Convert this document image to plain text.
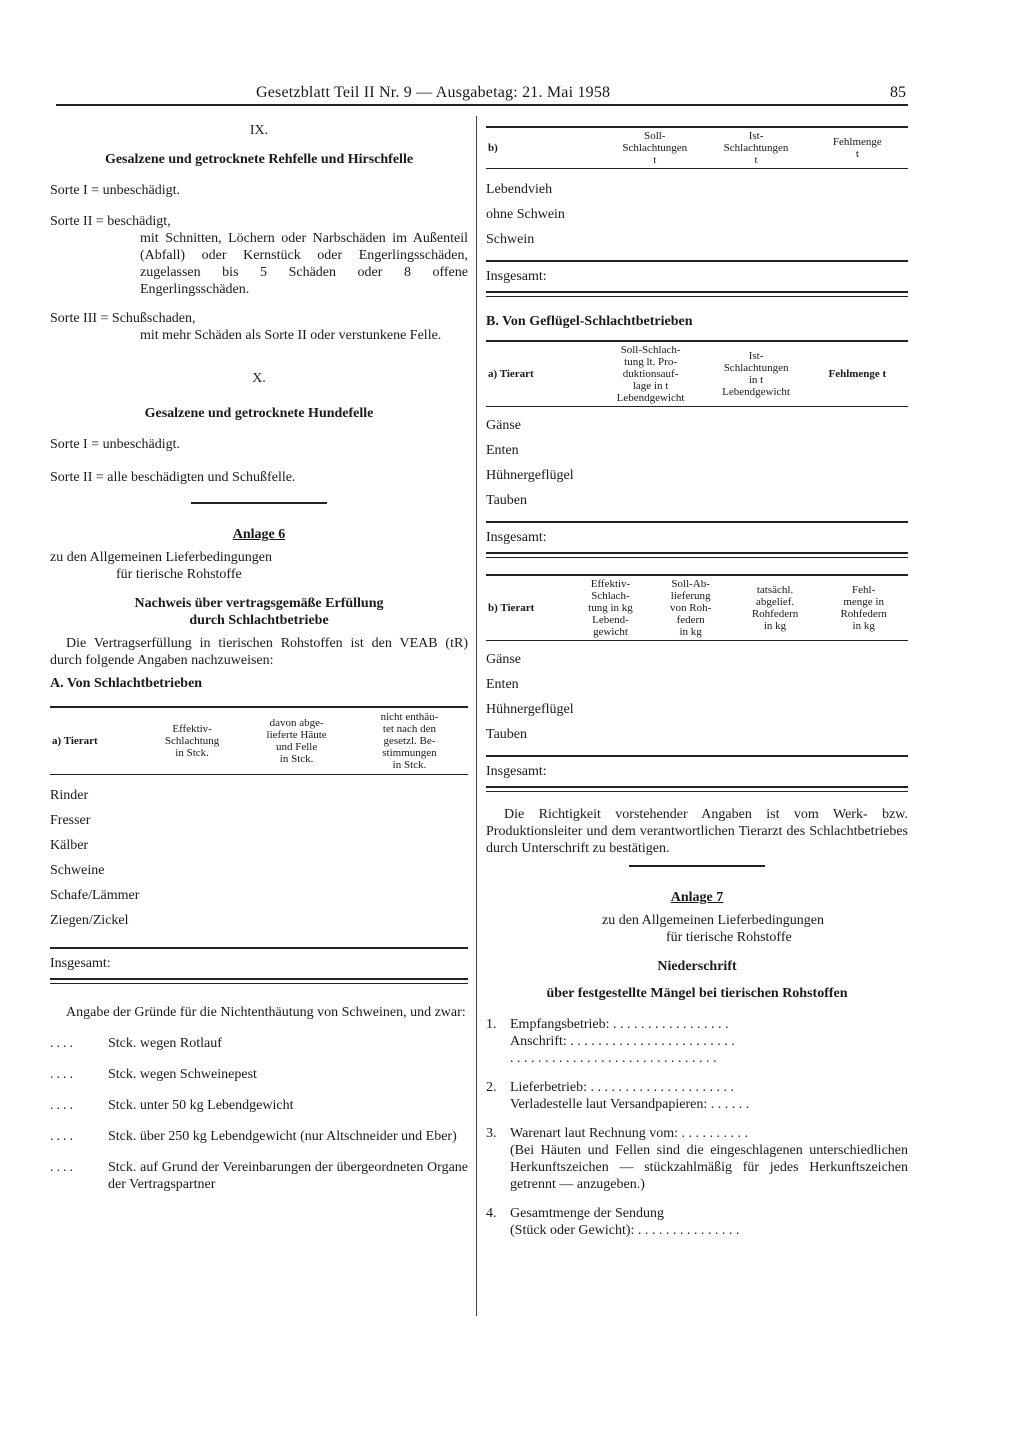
Gesetzblatt Teil II Nr. 9 — Ausgabetag: 21. Mai 1958	85
IX.
Gesalzene und getrocknete Rehfelle und Hirschfelle
Sorte I = unbeschädigt.
Sorte II = beschädigt,
mit Schnitten, Löchern oder Narbschäden im Außenteil (Abfall) oder Kernstück oder Engerlingsschäden, zugelassen bis 5 Schäden oder 8 offene Engerlingsschäden.
Sorte III = Schußschaden,
mit mehr Schäden als Sorte II oder verstunkene Felle.
X.
Gesalzene und getrocknete Hundefelle
Sorte I = unbeschädigt.
Sorte II = alle beschädigten und Schußfelle.
Anlage 6
zu den Allgemeinen Lieferbedingungen
für tierische Rohstoffe
Nachweis über vertragsgemäße Erfüllung
durch Schlachtbetriebe
Die Vertragserfüllung in tierischen Rohstoffen ist den VEAB (tR) durch folgende Angaben nachzuweisen:
A. Von Schlachtbetrieben
a) Tierart	Effektiv-
Schlachtung
in Stck.	davon abge-
lieferte Häute
und Felle
in Stck.	nicht enthäu-
tet nach den
gesetzl. Be-
stimmungen
in Stck.
Rinder
Fresser
Kälber
Schweine
Schafe/Lämmer
Ziegen/Zickel
Insgesamt:
Angabe der Gründe für die Nichtenthäutung von Schweinen, und zwar:
....	Stck. wegen Rotlauf
....	Stck. wegen Schweinepest
....	Stck. unter 50 kg Lebendgewicht
....	Stck. über 250 kg Lebendgewicht (nur Altschneider und Eber)
....	Stck. auf Grund der Vereinbarungen der übergeordneten Organe der Vertragspartner
b)	Soll-
Schlachtungen
t	Ist-
Schlachtungen
t	Fehlmenge
t
Lebendvieh
ohne Schwein
Schwein
Insgesamt:
B. Von Geflügel-Schlachtbetrieben
a) Tierart	Soll-Schlach-
tung lt. Pro-
duktionsauf-
lage in t
Lebendgewicht	Ist-
Schlachtungen
in t
Lebendgewicht	Fehlmenge t
Gänse
Enten
Hühnergeflügel
Tauben
Insgesamt:
b) Tierart	Effektiv-
Schlach-
tung in kg
Lebend-
gewicht	Soll-Ab-
lieferung
von Roh-
federn
in kg	tatsächl.
abgelief.
Rohfedern
in kg	Fehl-
menge in
Rohfedern
in kg
Gänse
Enten
Hühnergeflügel
Tauben
Insgesamt:
Die Richtigkeit vorstehender Angaben ist vom Werk- bzw. Produktionsleiter und dem verantwortlichen Tierarzt des Schlachtbetriebes durch Unterschrift zu bestätigen.
Anlage 7
zu den Allgemeinen Lieferbedingungen
für tierische Rohstoffe
Niederschrift
über festgestellte Mängel bei tierischen Rohstoffen
1. Empfangsbetrieb: . . . . . . . . . . . . . . . . .
Anschrift: . . . . . . . . . . . . . . . . . . . . . . . .
. . . . . . . . . . . . . . . . . . . . . . . . . . . . . .
2. Lieferbetrieb: . . . . . . . . . . . . . . . . . . . . .
Verladestelle laut Versandpapieren: . . . . . .
3. Warenart laut Rechnung vom: . . . . . . . . . .
(Bei Häuten und Fellen sind die eingeschlagenen unterschiedlichen Herkunftszeichen — stückzahlmäßig für jedes Herkunftszeichen getrennt — anzugeben.)
4. Gesamtmenge der Sendung
(Stück oder Gewicht): . . . . . . . . . . . . . . .
